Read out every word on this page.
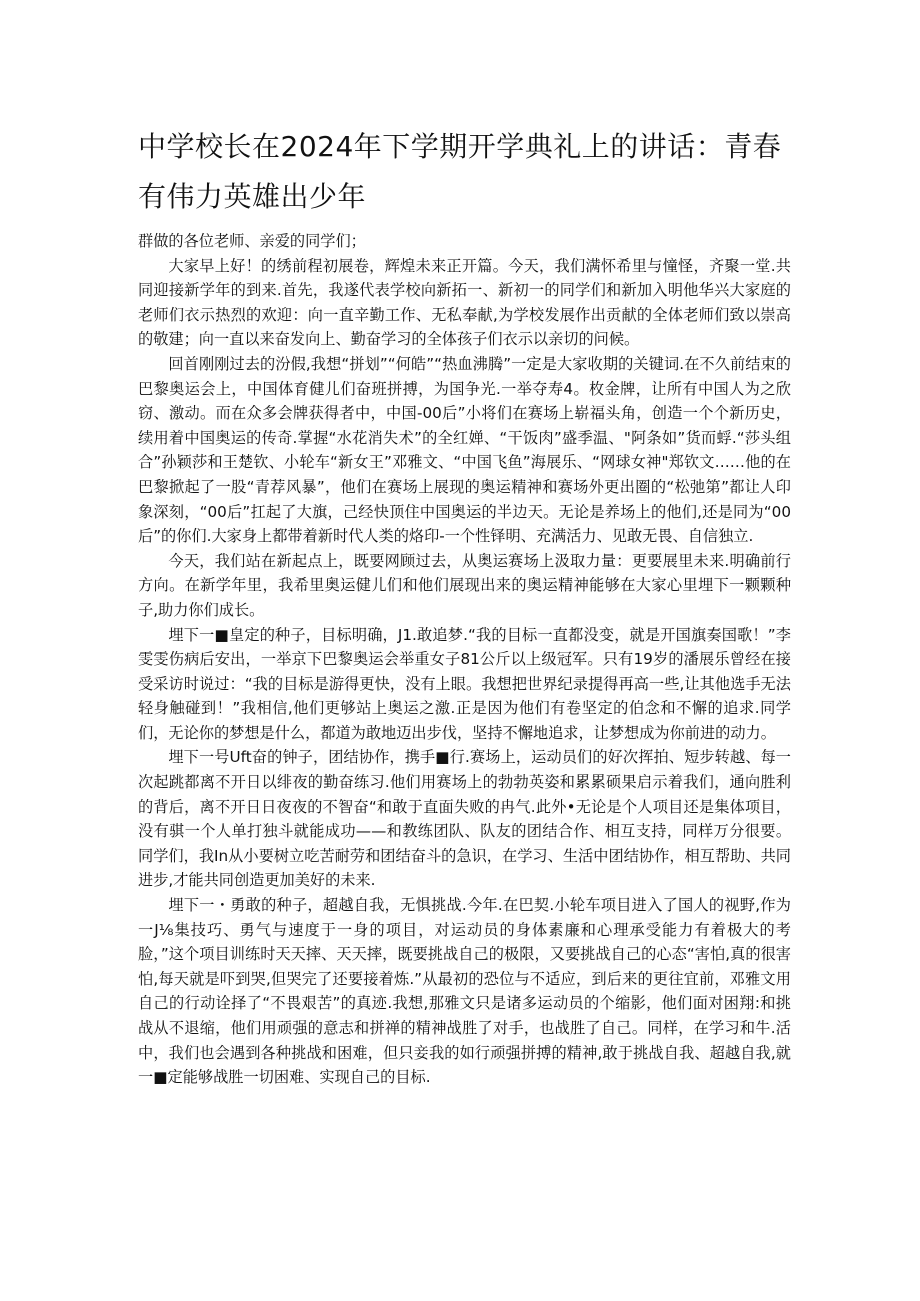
中学校长在2024年下学期开学典礼上的讲话：青春有伟力英雄出少年

群做的各位老师、亲爱的同学们；

大家早上好！的绣前程初展卷，辉煌未来正开篇。今天，我们满怀希里与憧怪，齐聚一堂.共同迎接新学年的到来.首先，我遂代表学校向新拓一、新初一的同学们和新加入明他华兴大家庭的老师们衣示热烈的欢迎：向一直辛勤工作、无私奉献,为学校发展作出贡献的全体老师们致以崇高的敬建；向一直以来奋发向上、勤奋学习的全体孩子们衣示以亲切的问候。

回首刚刚过去的汾假,我想“拼划”“何皓”“热血沸腾”一定是大家收期的关键词.在不久前结束的巴黎奥运会上，中国体育健儿们奋班拼搏，为国争光.一举夺寿4。枚金牌，让所有中国人为之欣窃、激动。而在众多会牌获得者中，中国-00后”小将们在赛场上崭福头角，创造一个个新历史，续用着中国奥运的传奇.掌握“水花消失术”的全红婵、“干饭肉”盛季温、"阿条如”货而蜉.“莎头组合”孙颖莎和王楚钦、小轮车“新女王”邓雅文、“中国飞鱼”海展乐、“网球女神"郑钦文……他的在巴黎掀起了一股“青荐风暴”，他们在赛场上展现的奥运精神和赛场外更出圈的“松弛第”都让人印象深刻，“00后”扛起了大旗，己经快顶住中国奥运的半边天。无论是养场上的他们,还是同为“00后”的你们.大家身上都带着新时代人类的烙印-一个性铎明、充满活力、见敢无畏、自信独立.

今天，我们站在新起点上，既要网顾过去，从奥运赛场上汲取力量：更要展里未来.明确前行方向。在新学年里，我希里奥运健儿们和他们展现出来的奥运精神能够在大家心里埋下一颗颗种子,助力你们成长。

埋下一■皇定的种子，目标明确，J1.敢追梦.“我的目标一直都没变，就是开国旗奏国歌！”李雯雯伤病后安出，一举京下巴黎奥运会举重女子81公斤以上级冠军。只有19岁的潘展乐曾经在接受采访时说过：“我的目标是游得更快，没有上眼。我想把世界纪录提得再高一些,让其他选手无法轻身触碰到！”我相信,他们更够站上奥运之激.正是因为他们有卷坚定的伯念和不懈的追求.同学们，无论你的梦想是什么，都道为敢地迈出步伐，坚持不懈地追求，让梦想成为你前进的动力。

埋下一号Uft奋的钟子，团结协作，携手■行.赛场上，运动员们的好次挥拍、短步转越、每一次起跳都离不开日以绯夜的勤奋练习.他们用赛场上的勃勃英姿和累累硕果启示着我们，通向胜利的背后，离不开日日夜夜的不智奋“和敢于直面失败的冉气.此外•无论是个人项目还是集体项目，没有骐一个人单打独斗就能成功——和教练团队、队友的团结合作、相互支持，同样万分很要。同学们，我In从小要树立吃苦耐劳和团结奋斗的急识，在学习、生活中团结协作，相互帮助、共同进步,才能共同创造更加美好的未来.

埋下一・勇敢的种子，超越自我，无惧挑战.今年.在巴契.小轮车项目进入了国人的视野,作为一J⅛集技巧、勇气与速度于一身的项目，对运动员的身体素廉和心理承受能力有着极大的考脸，”这个项目训练时天天摔、天天摔，既要挑战自己的极限，又要挑战自己的心态“害怕,真的很害怕,每天就是吓到哭,但哭完了还要接着炼.”从最初的恐位与不适应，到后来的更往宜前，邓雅文用自己的行动诠择了“不畏艰苦”的真迹.我想,那雅文只是诸多运动员的个缩影，他们面对困翔:和挑战从不退缩，他们用顽强的意志和拼禅的精神战胜了对手，也战胜了自己。同样，在学习和牛.活中，我们也会遇到各种挑战和困难，但只妾我的如行顽强拼搏的精神,敢于挑战自我、超越自我,就一■定能够战胜一切困难、实现自己的目标.
